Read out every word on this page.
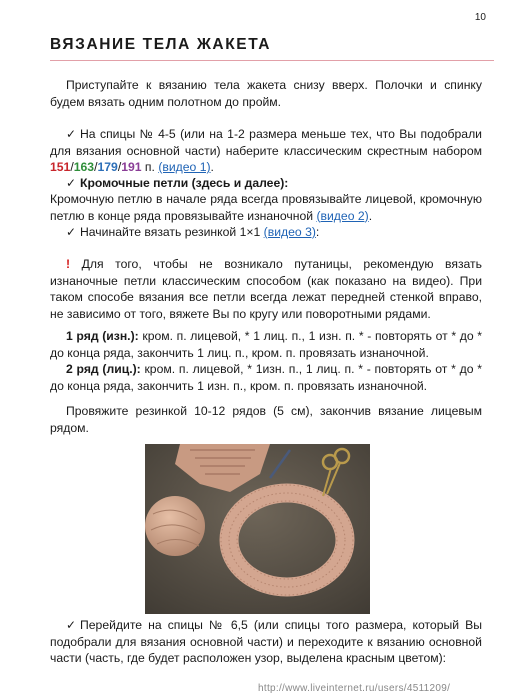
10
ВЯЗАНИЕ ТЕЛА ЖАКЕТА

Приступайте к вязанию тела жакета снизу вверх. Полочки и спинку будем вязать одним полотном до пройм.

✓ На спицы № 4-5 (или на 1-2 размера меньше тех, что Вы подобрали для вязания основной части) наберите классическим скрестным набором 151/163/179/191 п. (видео 1).

✓ Кромочные петли (здесь и далее):

Кромочную петлю в начале ряда всегда провязывайте лицевой, кромочную петлю в конце ряда провязывайте изнаночной (видео 2).

✓ Начинайте вязать резинкой 1×1 (видео 3):

! Для того, чтобы не возникало путаницы, рекомендую вязать изнаночные петли классическим способом (как показано на видео). При таком способе вязания все петли всегда лежат передней стенкой вправо, не зависимо от того, вяжете Вы по кругу или поворотными рядами.

1 ряд (изн.): кром. п. лицевой, * 1 лиц. п., 1 изн. п. * - повторять от * до * до конца ряда, закончить 1 лиц. п., кром. п. провязать изнаночной.

2 ряд (лиц.): кром. п. лицевой, * 1изн. п., 1 лиц. п. * - повторять от * до * до конца ряда, закончить 1 изн. п., кром. п. провязать изнаночной.

Провяжите резинкой 10-12 рядов (5 см), закончив вязание лицевым рядом.

✓ Перейдите на спицы № 6,5 (или спицы того размера, который Вы подобрали для вязания основной части) и переходите к вязанию основной части (часть, где будет расположен узор, выделена красным цветом):

http://www.liveinternet.ru/users/4511209/
